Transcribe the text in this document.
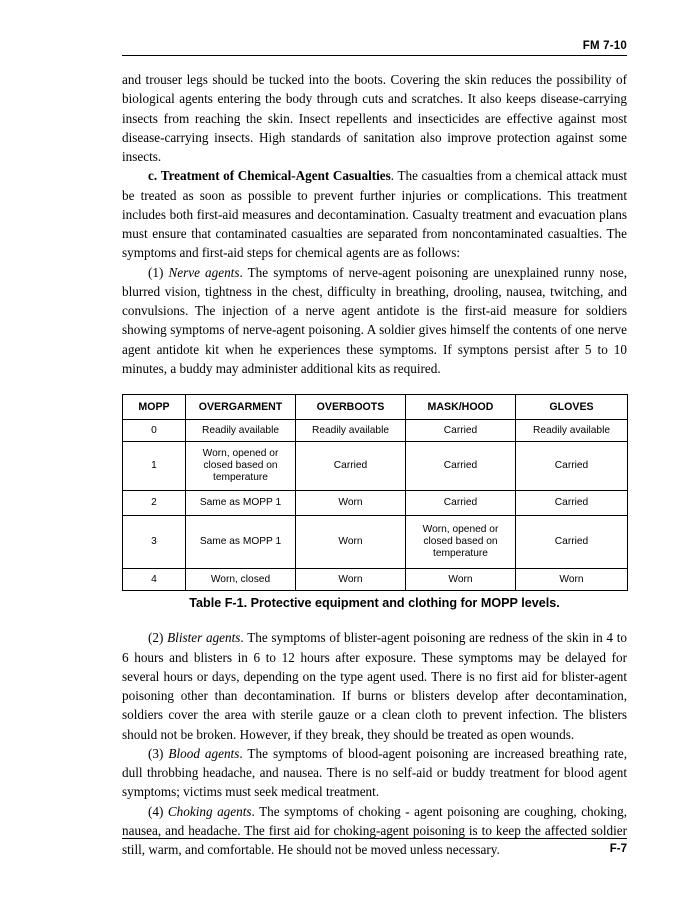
FM 7-10

and trouser legs should be tucked into the boots. Covering the skin reduces the possibility of biological agents entering the body through cuts and scratches. It also keeps disease-carrying insects from reaching the skin. Insect repellents and insecticides are effective against most disease-carrying insects. High standards of sanitation also improve protection against some insects.

c. Treatment of Chemical-Agent Casualties. The casualties from a chemical attack must be treated as soon as possible to prevent further injuries or complications. This treatment includes both first-aid measures and decontamination. Casualty treatment and evacuation plans must ensure that contaminated casualties are separated from noncontaminated casualties. The symptoms and first-aid steps for chemical agents are as follows:

(1) Nerve agents. The symptoms of nerve-agent poisoning are unexplained runny nose, blurred vision, tightness in the chest, difficulty in breathing, drooling, nausea, twitching, and convulsions. The injection of a nerve agent antidote is the first-aid measure for soldiers showing symptoms of nerve-agent poisoning. A soldier gives himself the contents of one nerve agent antidote kit when he experiences these symptoms. If symptons persist after 5 to 10 minutes, a buddy may administer additional kits as required.

MOPP	OVERGARMENT	OVERBOOTS	MASK/HOOD	GLOVES
0	Readily available	Readily available	Carried	Readily available
1	Worn, opened or closed based on temperature	Carried	Carried	Carried
2	Same as MOPP 1	Worn	Carried	Carried
3	Same as MOPP 1	Worn	Worn, opened or closed based on temperature	Carried
4	Worn, closed	Worn	Worn	Worn
Table F-1. Protective equipment and clothing for MOPP levels.

(2) Blister agents. The symptoms of blister-agent poisoning are redness of the skin in 4 to 6 hours and blisters in 6 to 12 hours after exposure. These symptoms may be delayed for several hours or days, depending on the type agent used. There is no first aid for blister-agent poisoning other than decontamination. If burns or blisters develop after decontamination, soldiers cover the area with sterile gauze or a clean cloth to prevent infection. The blisters should not be broken. However, if they break, they should be treated as open wounds.

(3) Blood agents. The symptoms of blood-agent poisoning are increased breathing rate, dull throbbing headache, and nausea. There is no self-aid or buddy treatment for blood agent symptoms; victims must seek medical treatment.

(4) Choking agents. The symptoms of choking - agent poisoning are coughing, choking, nausea, and headache. The first aid for choking-agent poisoning is to keep the affected soldier still, warm, and comfortable. He should not be moved unless necessary.	F-7
